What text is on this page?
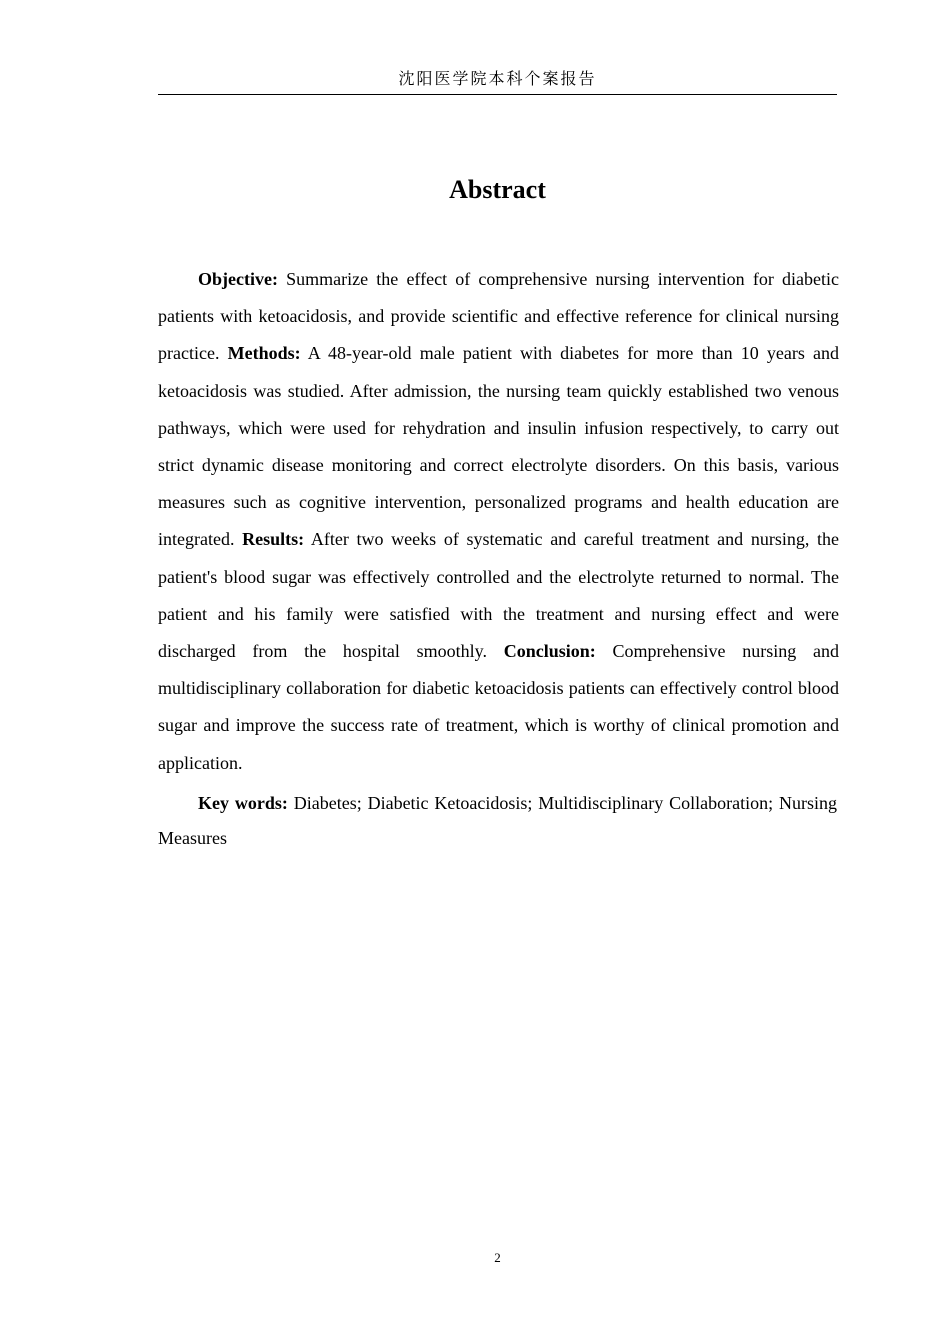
沈阳医学院本科个案报告
Abstract

Objective: Summarize the effect of comprehensive nursing intervention for diabetic patients with ketoacidosis, and provide scientific and effective reference for clinical nursing practice. Methods: A 48-year-old male patient with diabetes for more than 10 years and ketoacidosis was studied. After admission, the nursing team quickly established two venous pathways, which were used for rehydration and insulin infusion respectively, to carry out strict dynamic disease monitoring and correct electrolyte disorders. On this basis, various measures such as cognitive intervention, personalized programs and health education are integrated. Results: After two weeks of systematic and careful treatment and nursing, the patient's blood sugar was effectively controlled and the electrolyte returned to normal. The patient and his family were satisfied with the treatment and nursing effect and were discharged from the hospital smoothly. Conclusion: Comprehensive nursing and multidisciplinary collaboration for diabetic ketoacidosis patients can effectively control blood sugar and improve the success rate of treatment, which is worthy of clinical promotion and application.

Key words: Diabetes; Diabetic Ketoacidosis; Multidisciplinary Collaboration; Nursing Measures

2
